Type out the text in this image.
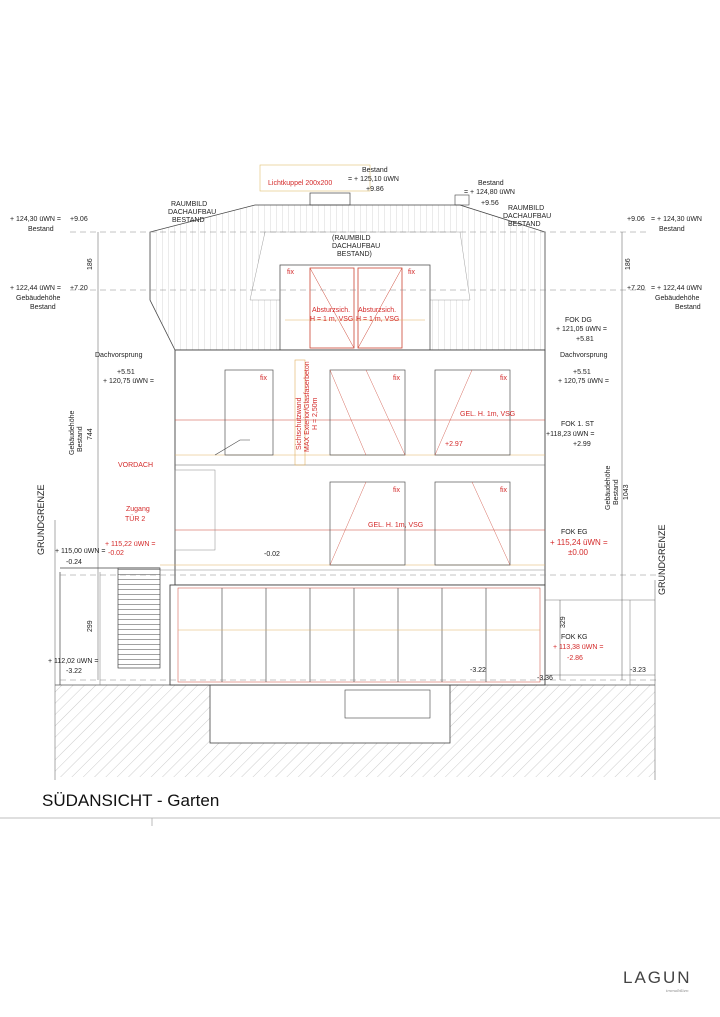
Lichtkuppel 200x200
Bestand
= + 125,10 üWN
+9.86
Bestand
= + 124,80 üWN
+9.56
RAUMBILD
DACHAUFBAU
BESTAND
(RAUMBILD
DACHAUFBAU
BESTAND)
RAUMBILD
DACHAUFBAU
BESTAND
+ 124,30 üWN = +9.06
Bestand
+9.06 = + 124,30 üWN
Bestand
186	186
+ 122,44 üWN = +7.20
Gebäudehöhe
Bestand
+7.20 = + 122,44 üWN
Gebäudehöhe
Bestand
FOK DG
+ 121,05 üWN =
+5.81
Dachvorsprung
+5.51
+ 120,75 üWN =
Dachvorsprung
+5.51
+ 120,75 üWN =
FOK 1. ST
+118,23 üWN =
+2.99
Absturzsich.
H = 1 m, VSG
Absturzsich.
H = 1 m, VSG
Sichtschutzwand MAX Exterior/Glasfaserbeton H = 2,50m	GEL. H. 1m, VSG
GEL. H. 1m, VSG
+2.97
fix	fix
fix	fix	fix
fix	fix
Gebäudehöhe Bestand 744
Gebäudehöhe Bestand 1043
VORDACH
Zugang
TÜR 2
GRUNDGRENZE
GRUNDGRENZE
+ 115,00 üWN =
-0.24
+ 115,22 üWN =
-0.02	-0.02
FOK EG
+ 115,24 üWN =
±0.00
299	329
FOK KG
+ 113,38 üWN =
-2.86
+ 112,02 üWN =
-3.22	-3.22
-3.36
-3.23
SÜDANSICHT - Garten
LAGUN
immobilien
